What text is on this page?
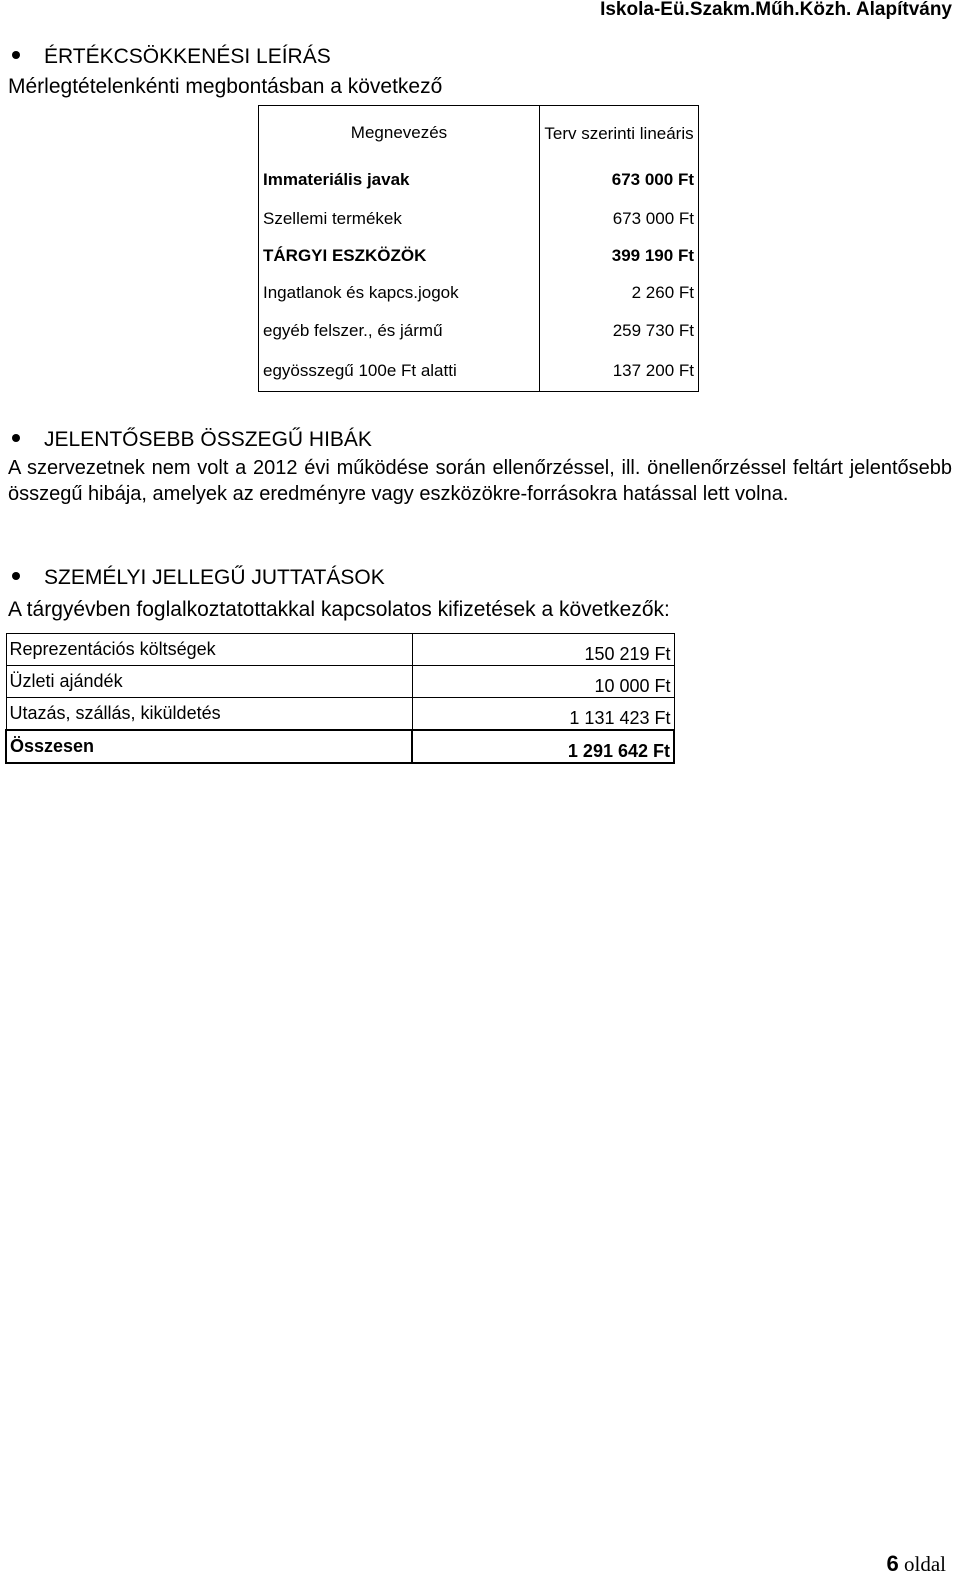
Iskola-Eü.Szakm.Műh.Közh. Alapítvány
ÉRTÉKCSÖKKENÉSI LEÍRÁS
Mérlegtételenkénti megbontásban a következő
Megnevezés	Terv szerinti lineáris
Immateriális javak	673 000 Ft
Szellemi termékek	673 000 Ft
TÁRGYI ESZKÖZÖK	399 190 Ft
Ingatlanok és kapcs.jogok	2 260 Ft
egyéb felszer., és jármű	259 730 Ft
egyösszegű 100e Ft alatti	137 200 Ft
JELENTŐSEBB ÖSSZEGŰ HIBÁK
A szervezetnek nem volt a 2012 évi működése során ellenőrzéssel, ill. önellenőrzéssel feltárt jelentősebb összegű hibája, amelyek az eredményre vagy eszközökre-forrásokra hatással lett volna.
SZEMÉLYI JELLEGŰ JUTTATÁSOK
A tárgyévben foglalkoztatottakkal kapcsolatos kifizetések a következők:
Reprezentációs költségek	150 219 Ft
Üzleti ajándék	10 000 Ft
Utazás, szállás, kiküldetés	1 131 423 Ft
Összesen	1 291 642 Ft
6 oldal
